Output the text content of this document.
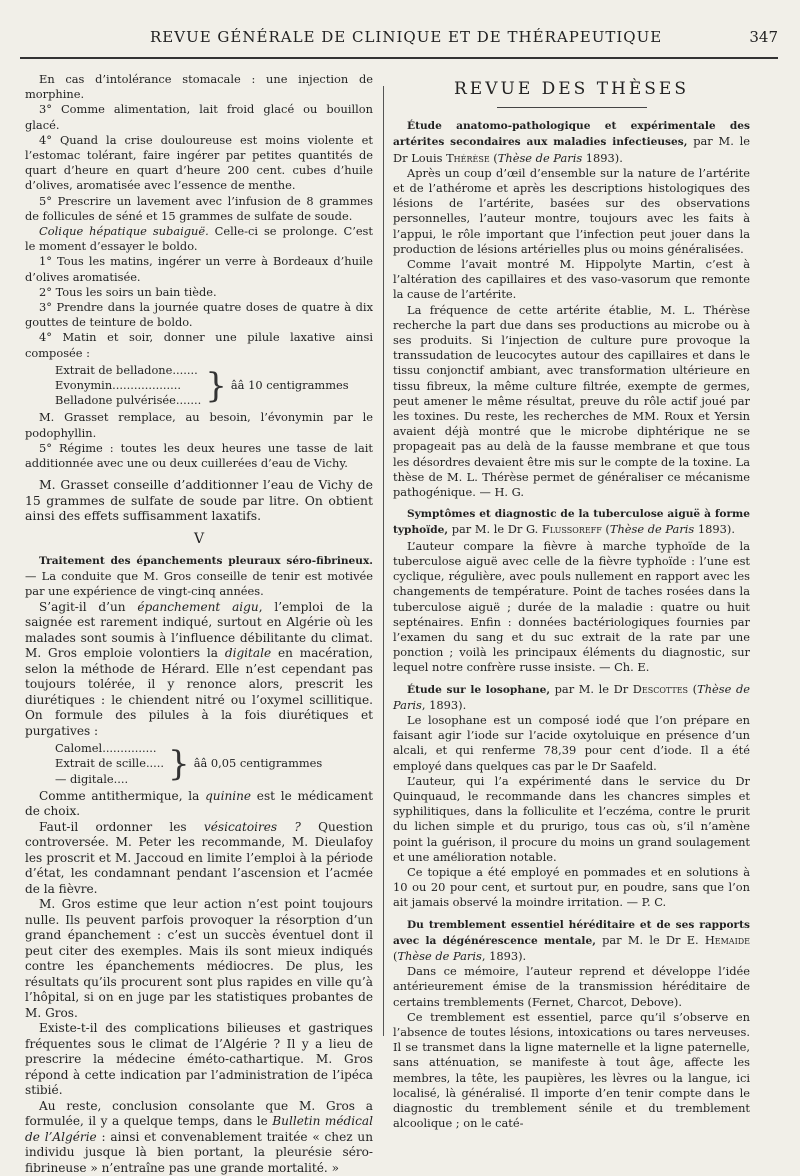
REVUE GÉNÉRALE DE CLINIQUE ET DE THÉRAPEUTIQUE	347

En cas d’intolérance stomacale : une injection de morphine.

3° Comme alimentation, lait froid glacé ou bouillon glacé.

4° Quand la crise douloureuse est moins violente et l’estomac tolérant, faire ingérer par petites quantités de quart d’heure en quart d’heure 200 cent. cubes d’huile d’olives, aromatisée avec l’essence de menthe.

5° Prescrire un lavement avec l’infusion de 8 grammes de follicules de séné et 15 grammes de sulfate de soude.

Colique hépatique subaiguë. Celle-ci se prolonge. C’est le moment d’essayer le boldo.

1° Tous les matins, ingérer un verre à Bordeaux d’huile d’olives aromatisée.

2° Tous les soirs un bain tiède.

3° Prendre dans la journée quatre doses de quatre à dix gouttes de teinture de boldo.

4° Matin et soir, donner une pilule laxative ainsi composée :

Extrait de belladone.......
Evonymin...................
Belladone pulvérisée....... } ââ 10 centigrammes

M. Grasset remplace, au besoin, l’évonymin par le podophyllin.

5° Régime : toutes les deux heures une tasse de lait additionnée avec une ou deux cuillerées d’eau de Vichy.

M. Grasset conseille d’additionner l’eau de Vichy de 15 grammes de sulfate de soude par litre. On obtient ainsi des effets suffisamment laxatifs.

V

Traitement des épanchements pleuraux séro-fibrineux. — La conduite que M. Gros conseille de tenir est motivée par une expérience de vingt-cinq années.

S’agit-il d’un épanchement aigu, l’emploi de la saignée est rarement indiqué, surtout en Algérie où les malades sont soumis à l’influence débilitante du climat. M. Gros emploie volontiers la digitale en macération, selon la méthode de Hérard. Elle n’est cependant pas toujours tolérée, il y renonce alors, prescrit les diurétiques : le chiendent nitré ou l’oxymel scillitique. On formule des pilules à la fois diurétiques et purgatives :

Calomel...............
Extrait de scille.....
— digitale....	} ââ 0,05 centigrammes

Comme antithermique, la quinine est le médicament de choix.

Faut-il ordonner les vésicatoires ? Question controversée. M. Peter les recommande, M. Dieulafoy les proscrit et M. Jaccoud en limite l’emploi à la période d’état, les condamnant pendant l’ascension et l’acmée de la fièvre.

M. Gros estime que leur action n’est point toujours nulle. Ils peuvent parfois provoquer la résorption d’un grand épanchement : c’est un succès éventuel dont il peut citer des exemples. Mais ils sont mieux indiqués contre les épanchements médiocres. De plus, les résultats qu’ils procurent sont plus rapides en ville qu’à l’hôpital, si on en juge par les statistiques probantes de M. Gros.

Existe-t-il des complications bilieuses et gastriques fréquentes sous le climat de l’Algérie ? Il y a lieu de prescrire la médecine éméto-cathartique. M. Gros répond à cette indication par l’administration de l’ipéca stibié.

Au reste, conclusion consolante que M. Gros a formulée, il y a quelque temps, dans le Bulletin médical de l’Algérie : ainsi et convenablement traitée « chez un individu jusque là bien portant, la pleurésie séro-fibrineuse » n’entraîne pas une grande mortalité. »

REVUE DES THÈSES

Étude anatomo-pathologique et expérimentale des artérites secondaires aux maladies infectieuses, par M. le Dr Louis Thérèse (Thèse de Paris 1893).

Après un coup d’œil d’ensemble sur la nature de l’artérite et de l’athérome et après les descriptions histologiques des lésions de l’artérite, basées sur des observations personnelles, l’auteur montre, toujours avec les faits à l’appui, le rôle important que l’infection peut jouer dans la production de lésions artérielles plus ou moins généralisées.

Comme l’avait montré M. Hippolyte Martin, c’est à l’altération des capillaires et des vaso-vasorum que remonte la cause de l’artérite.

La fréquence de cette artérite établie, M. L. Thérèse recherche la part due dans ses productions au microbe ou à ses produits. Si l’injection de culture pure provoque la transsudation de leucocytes autour des capillaires et dans le tissu conjonctif ambiant, avec transformation ultérieure en tissu fibreux, la même culture filtrée, exempte de germes, peut amener le même résultat, preuve du rôle actif joué par les toxines. Du reste, les recherches de MM. Roux et Yersin avaient déjà montré que le microbe diphtérique ne se propageait pas au delà de la fausse membrane et que tous les désordres devaient être mis sur le compte de la toxine. La thèse de M. L. Thérèse permet de généraliser ce mécanisme pathogénique. — H. G.

Symptômes et diagnostic de la tuberculose aiguë à forme typhoïde, par M. le Dr G. Flussoreff (Thèse de Paris 1893).

L’auteur compare la fièvre à marche typhoïde de la tuberculose aiguë avec celle de la fièvre typhoïde : l’une est cyclique, régulière, avec pouls nullement en rapport avec les changements de température. Point de taches rosées dans la tuberculose aiguë ; durée de la maladie : quatre ou huit septénaires. Enfin : données bactériologiques fournies par l’examen du sang et du suc extrait de la rate par une ponction ; voilà les principaux éléments du diagnostic, sur lequel notre confrère russe insiste. — Ch. E.

Étude sur le losophane, par M. le Dr Descottes (Thèse de Paris, 1893).

Le losophane est un composé iodé que l’on prépare en faisant agir l’iode sur l’acide oxytoluique en présence d’un alcali, et qui renferme 78,39 pour cent d’iode. Il a été employé dans quelques cas par le Dr Saafeld.

L’auteur, qui l’a expérimenté dans le service du Dr Quinquaud, le recommande dans les chancres simples et syphilitiques, dans la folliculite et l’eczéma, contre le prurit du lichen simple et du prurigo, tous cas où, s’il n’amène point la guérison, il procure du moins un grand soulagement et une amélioration notable.

Ce topique a été employé en pommades et en solutions à 10 ou 20 pour cent, et surtout pur, en poudre, sans que l’on ait jamais observé la moindre irritation. — P. C.

Du tremblement essentiel héréditaire et de ses rapports avec la dégénérescence mentale, par M. le Dr E. Hemaide (Thèse de Paris, 1893).

Dans ce mémoire, l’auteur reprend et développe l’idée antérieurement émise de la transmission héréditaire de certains tremblements (Fernet, Charcot, Debove).

Ce tremblement est essentiel, parce qu’il s’observe en l’absence de toutes lésions, intoxications ou tares nerveuses. Il se transmet dans la ligne maternelle et la ligne paternelle, sans atténuation, se manifeste à tout âge, affecte les membres, la tête, les paupières, les lèvres ou la langue, ici localisé, là généralisé. Il importe d’en tenir compte dans le diagnostic du tremblement sénile et du tremblement alcoolique ; on le caté-
